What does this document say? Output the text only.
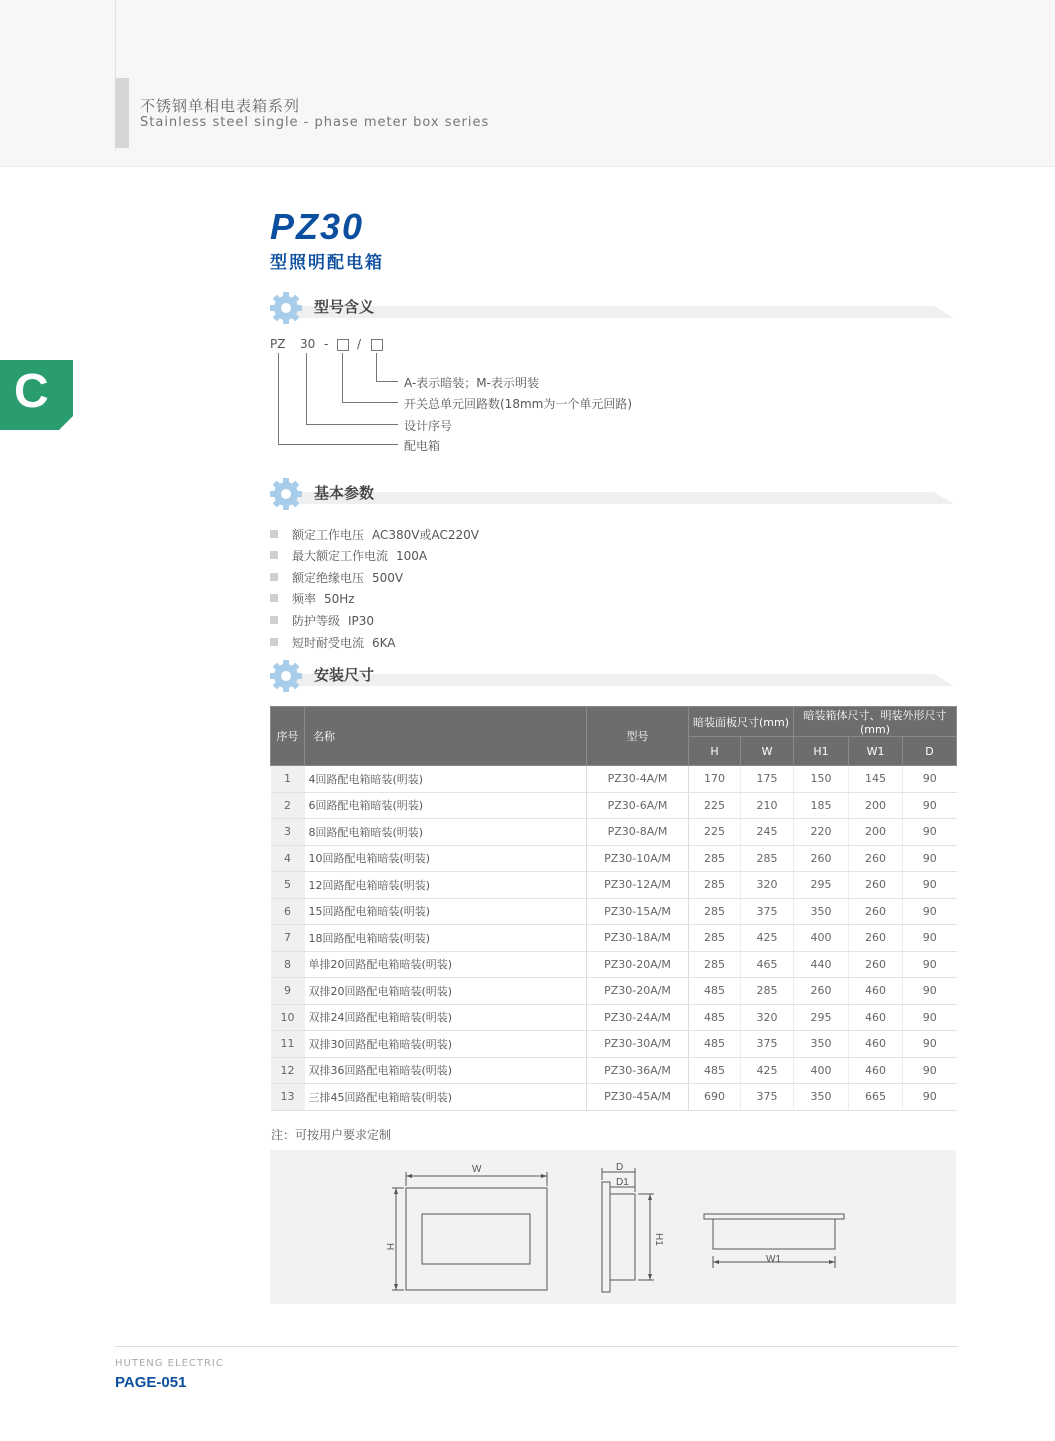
不锈钢单相电表箱系列
Stainless steel single - phase meter box series
C
PZ30
型照明配电箱
型号含义
PZ 30 - /
A-表示暗装；M-表示明装
开关总单元回路数(18mm为一个单元回路)
设计序号
配电箱
基本参数
额定工作电压 AC380V或AC220V
最大额定工作电流 100A
额定绝缘电压 500V
频率 50Hz
防护等级 IP30
短时耐受电流 6KA
安装尺寸
序号	名称	型号	暗装面板尺寸(mm)		暗装箱体尺寸、明装外形尺寸(mm)		
			H	W	H1	W1	D
1	4回路配电箱暗装(明装)	PZ30-4A/M	170	175	150	145	90
2	6回路配电箱暗装(明装)	PZ30-6A/M	225	210	185	200	90
3	8回路配电箱暗装(明装)	PZ30-8A/M	225	245	220	200	90
4	10回路配电箱暗装(明装)	PZ30-10A/M	285	285	260	260	90
5	12回路配电箱暗装(明装)	PZ30-12A/M	285	320	295	260	90
6	15回路配电箱暗装(明装)	PZ30-15A/M	285	375	350	260	90
7	18回路配电箱暗装(明装)	PZ30-18A/M	285	425	400	260	90
8	单排20回路配电箱暗装(明装)	PZ30-20A/M	285	465	440	260	90
9	双排20回路配电箱暗装(明装)	PZ30-20A/M	485	285	260	460	90
10	双排24回路配电箱暗装(明装)	PZ30-24A/M	485	320	295	460	90
11	双排30回路配电箱暗装(明装)	PZ30-30A/M	485	375	350	460	90
12	双排36回路配电箱暗装(明装)	PZ30-36A/M	485	425	400	460	90
13	三排45回路配电箱暗装(明装)	PZ30-45A/M	690	375	350	665	90
注：可按用户要求定制
W
H
D
D1
H1
W1
HUTENG ELECTRIC
PAGE-051
